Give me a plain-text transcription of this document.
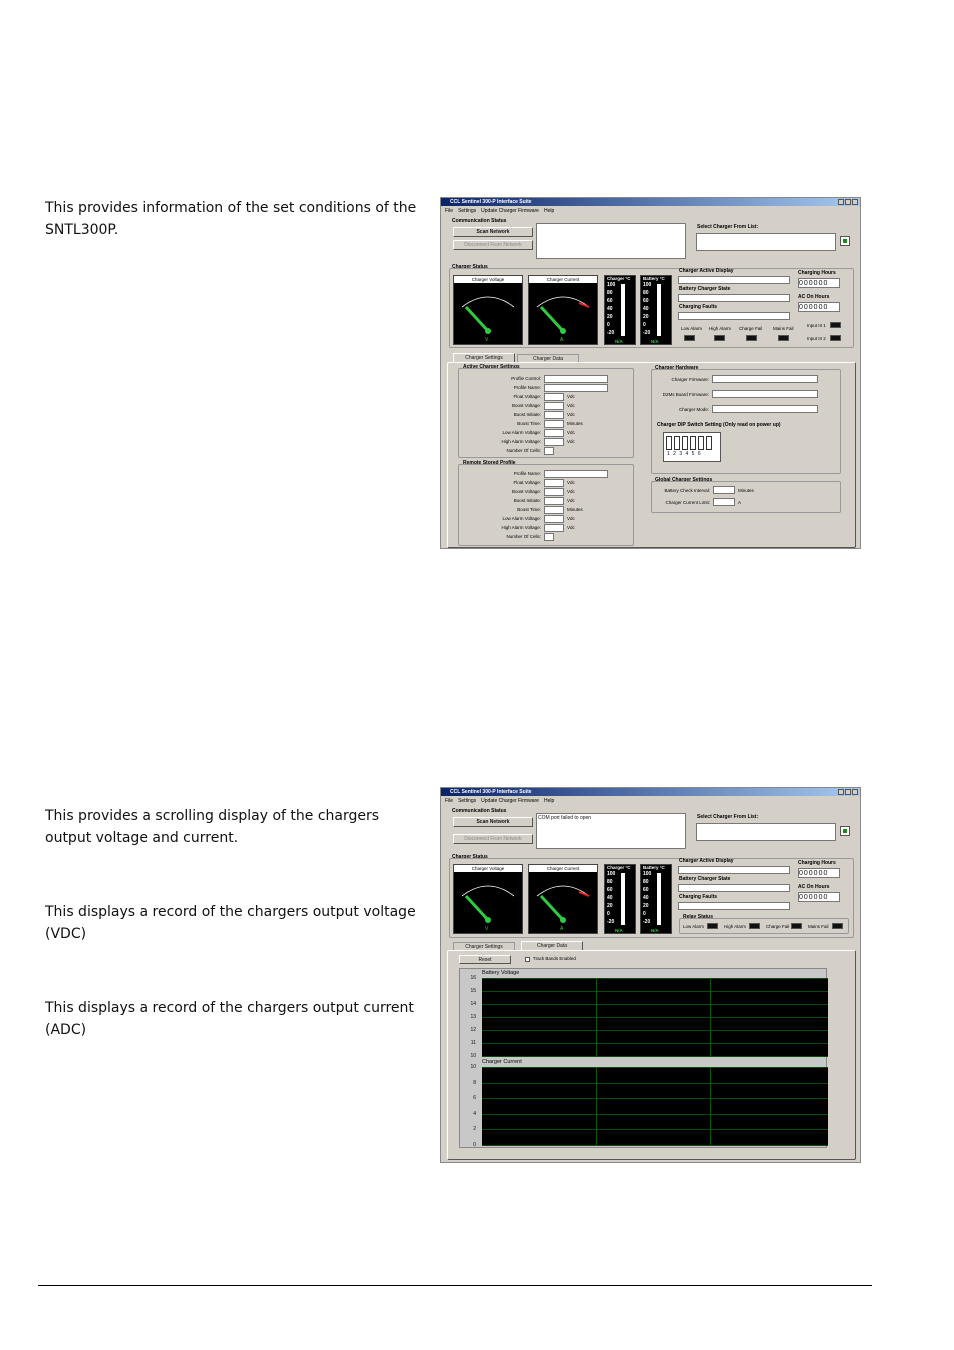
This provides information of the set conditions of the SNTL300P.
This provides a scrolling display of the chargers output voltage and current.
This displays a record of the chargers output voltage (VDC)
This displays a record of the chargers output current (ADC)
CCL Sentinel 300-P Interface Suite
File Settings Update Charger Firmware Help
Communication Status
Scan Network
Disconnect From Network
Select Charger From List:
Charger Status
Charger Voltage
V
Charger Current
A
Charger °C
100
80
60
40
20
0
-20
N/A
Battery °C
100
80
60
40
20
0
-20
N/A
Charger Active Display
Battery Charger State
Charging Faults
Low Alarm High Alarm Charge Fail Mains Fail
Charging Hours
000000
AC On Hours
000000
Input III 1
Input III 2
Charger Settings	Charger Data
Active Charger Settings
Profile Control:
Profile Name:
Float Voltage:	Vdc
Boost Voltage:	Vdc
Boost Initiate:	Vdc
Boost Time:	Minutes
Low Alarm Voltage:	Vdc
High Alarm Voltage:	Vdc
Number Of Cells:
Remote Stored Profile
Profile Name:
Float Voltage:	Vdc
Boost Voltage:	Vdc
Boost Initiate:	Vdc
Boost Time:	Minutes
Low Alarm Voltage:	Vdc
High Alarm Voltage:	Vdc
Number Of Cells:
Charger Hardware
Charger Firmware:
D2Ms Board Firmware:
Charger Mode:
Charger DIP Switch Setting (Only read on power up)
1 2 3 4 5 6
Global Charger Settings
Battery Check Interval:	Minutes
Charger Current Limit:	A
CCL Sentinel 300-P Interface Suite
File Settings Update Charger Firmware Help
Communication Status
Scan Network
Disconnect From Network
COM port failed to open	Select Charger From List:
Charger Status
Charger Voltage
V
Charger Current
A
Charger °C
100
80
60
40
20
0
-20
N/A
Battery °C
100
80
60
40
20
0
-20
N/A
Charger Active Display
Battery Charger State
Charging Faults
Relay Status
Low Alarm	High Alarm	Charge Fail	Mains Fail
Charging Hours
000000
AC On Hours
000000
Charger Settings	Charger Data
Reset	Track Bands Enabled
Battery Voltage
16
15
14
13
12
11
10
Charger Current
10
8
6
4
2
0
